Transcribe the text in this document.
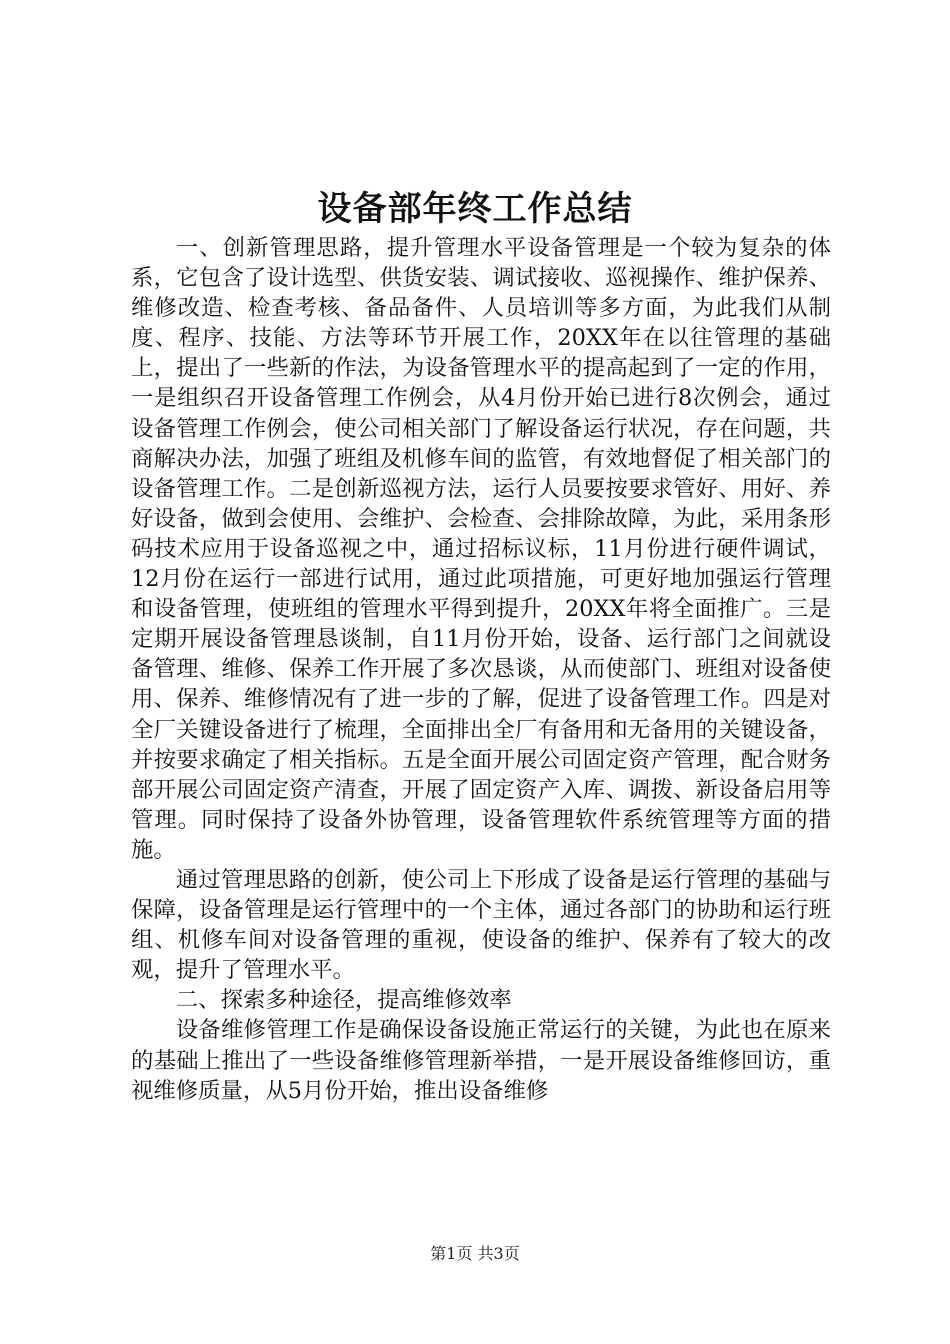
设备部年终工作总结

一、创新管理思路，提升管理水平设备管理是一个较为复杂的体系，它包含了设计选型、供货安装、调试接收、巡视操作、维护保养、维修改造、检查考核、备品备件、人员培训等多方面，为此我们从制度、程序、技能、方法等环节开展工作，20XX年在以往管理的基础上，提出了一些新的作法，为设备管理水平的提高起到了一定的作用，一是组织召开设备管理工作例会，从4月份开始已进行8次例会，通过设备管理工作例会，使公司相关部门了解设备运行状况，存在问题，共商解决办法，加强了班组及机修车间的监管，有效地督促了相关部门的设备管理工作。二是创新巡视方法，运行人员要按要求管好、用好、养好设备，做到会使用、会维护、会检查、会排除故障，为此，采用条形码技术应用于设备巡视之中，通过招标议标，11月份进行硬件调试，12月份在运行一部进行试用，通过此项措施，可更好地加强运行管理和设备管理，使班组的管理水平得到提升，20XX年将全面推广。三是定期开展设备管理恳谈制，自11月份开始，设备、运行部门之间就设备管理、维修、保养工作开展了多次恳谈，从而使部门、班组对设备使用、保养、维修情况有了进一步的了解，促进了设备管理工作。四是对全厂关键设备进行了梳理，全面排出全厂有备用和无备用的关键设备，并按要求确定了相关指标。五是全面开展公司固定资产管理，配合财务部开展公司固定资产清查，开展了固定资产入库、调拨、新设备启用等管理。同时保持了设备外协管理，设备管理软件系统管理等方面的措施。

通过管理思路的创新，使公司上下形成了设备是运行管理的基础与保障，设备管理是运行管理中的一个主体，通过各部门的协助和运行班组、机修车间对设备管理的重视，使设备的维护、保养有了较大的改观，提升了管理水平。

二、探索多种途径，提高维修效率

设备维修管理工作是确保设备设施正常运行的关键，为此也在原来的基础上推出了一些设备维修管理新举措，一是开展设备维修回访，重视维修质量，从5月份开始，推出设备维修

第1页 共3页
